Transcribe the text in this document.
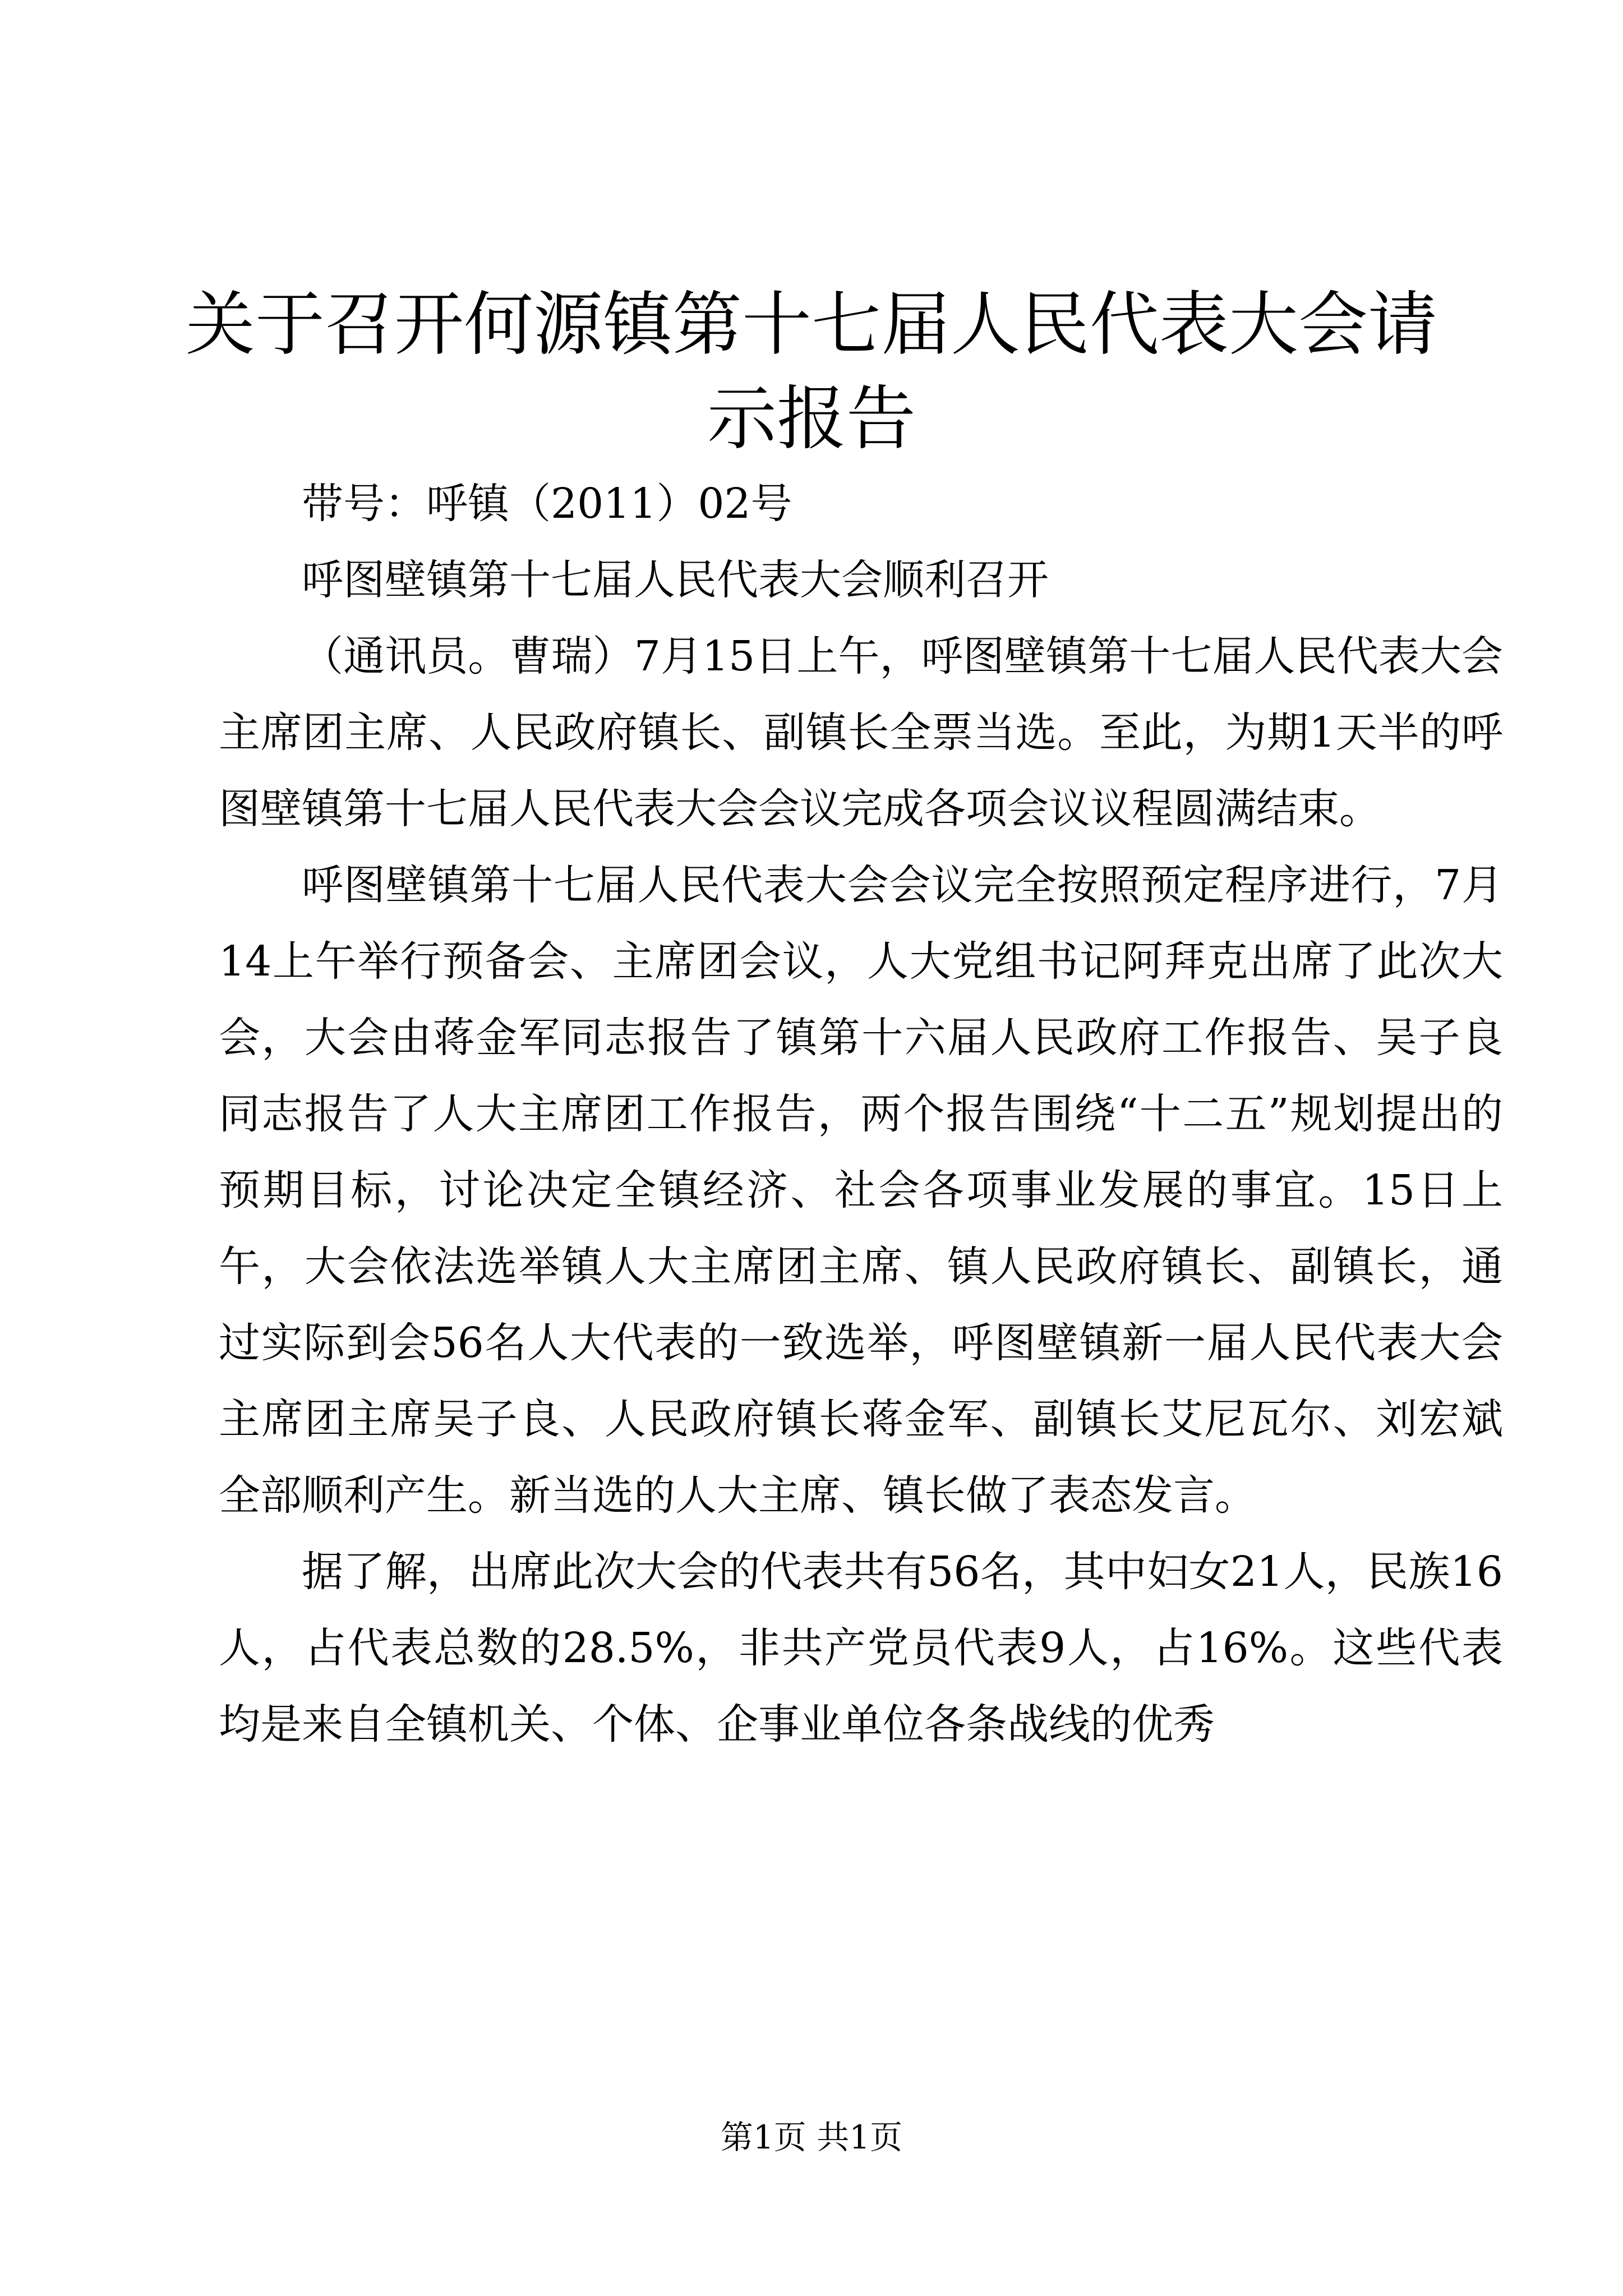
关于召开何源镇第十七届人民代表大会请示报告

带号：呼镇（2011）02号

呼图壁镇第十七届人民代表大会顺利召开

（通讯员。曹瑞）7月15日上午，呼图壁镇第十七届人民代表大会主席团主席、人民政府镇长、副镇长全票当选。至此，为期1天半的呼图壁镇第十七届人民代表大会会议完成各项会议议程圆满结束。

呼图壁镇第十七届人民代表大会会议完全按照预定程序进行，7月14上午举行预备会、主席团会议，人大党组书记阿拜克出席了此次大会，大会由蒋金军同志报告了镇第十六届人民政府工作报告、吴子良同志报告了人大主席团工作报告，两个报告围绕“十二五”规划提出的预期目标，讨论决定全镇经济、社会各项事业发展的事宜。15日上午，大会依法选举镇人大主席团主席、镇人民政府镇长、副镇长，通过实际到会56名人大代表的一致选举，呼图壁镇新一届人民代表大会主席团主席吴子良、人民政府镇长蒋金军、副镇长艾尼瓦尔、刘宏斌全部顺利产生。新当选的人大主席、镇长做了表态发言。

据了解，出席此次大会的代表共有56名，其中妇女21人，民族16人，占代表总数的28.5%，非共产党员代表9人，占16%。这些代表均是来自全镇机关、个体、企事业单位各条战线的优秀

第1页 共1页
